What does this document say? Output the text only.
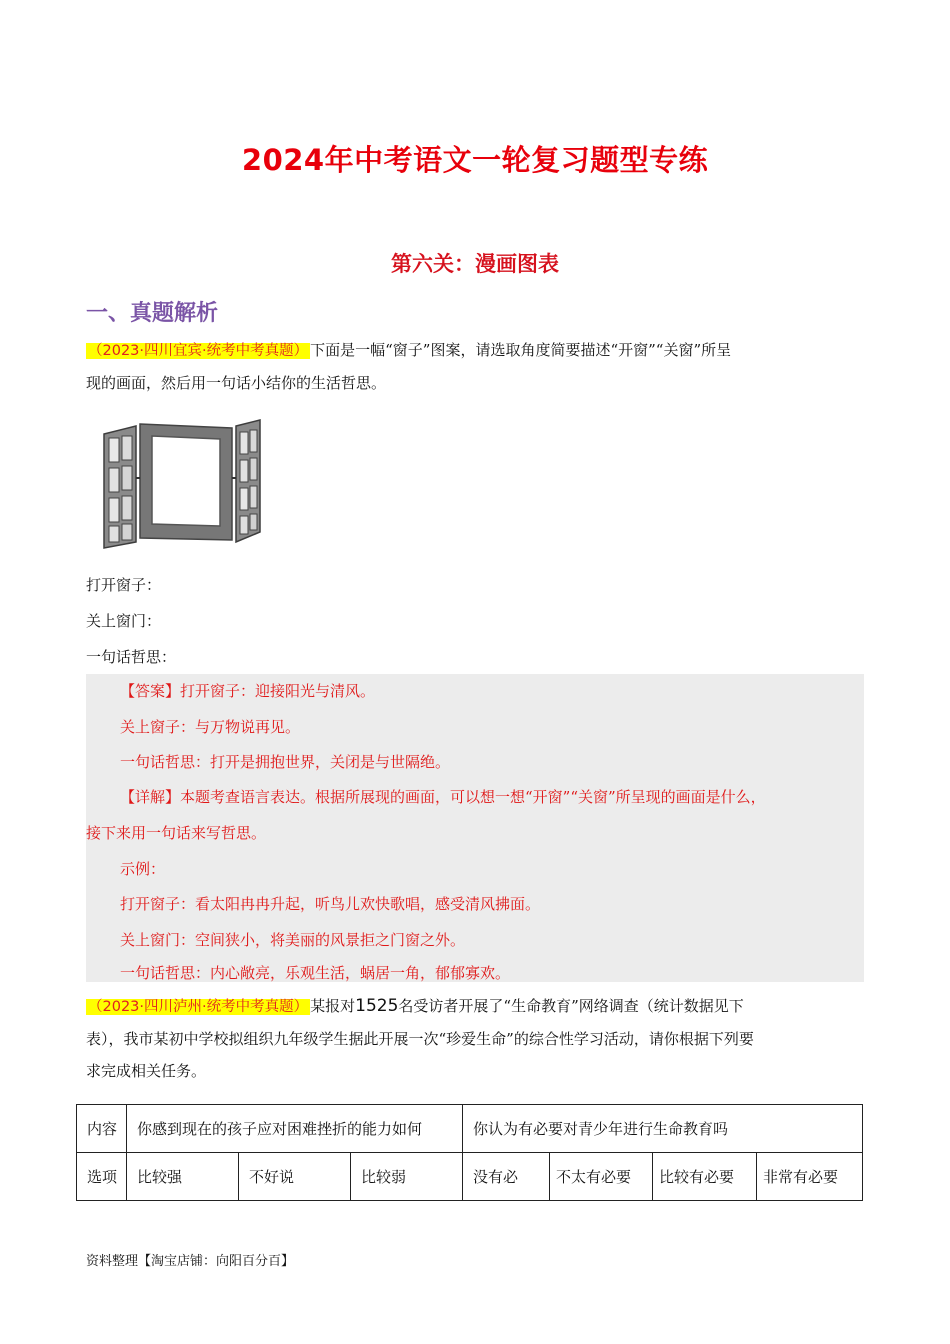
2024年中考语文一轮复习题型专练
第六关：漫画图表
一、真题解析
（2023·四川宜宾·统考中考真题） 下面是一幅“窗子”图案，请选取角度简要描述“开窗”“关窗”所呈
现的画面，然后用一句话小结你的生活哲思。
打开窗子：
关上窗门：
一句话哲思：
【答案】打开窗子：迎接阳光与清风。
关上窗子：与万物说再见。
一句话哲思：打开是拥抱世界，关闭是与世隔绝。
【详解】本题考查语言表达。根据所展现的画面，可以想一想“开窗”“关窗”所呈现的画面是什么，
接下来用一句话来写哲思。
示例：
打开窗子：看太阳冉冉升起，听鸟儿欢快歌唱，感受清风拂面。
关上窗门：空间狭小，将美丽的风景拒之门窗之外。
一句话哲思：内心敞亮，乐观生活，蜗居一角，郁郁寡欢。
（2023·四川泸州·统考中考真题） 某报对1525名受访者开展了“生命教育”网络调查（统计数据见下
表），我市某初中学校拟组织九年级学生据此开展一次“珍爱生命”的综合性学习活动，请你根据下列要
求完成相关任务。
内容	你感到现在的孩子应对困难挫折的能力如何			你认为有必要对青少年进行生命教育吗			
选项	比较强	不好说	比较弱	没有必	不太有必要	比较有必要	非常有必要
资料整理【淘宝店铺：向阳百分百】
